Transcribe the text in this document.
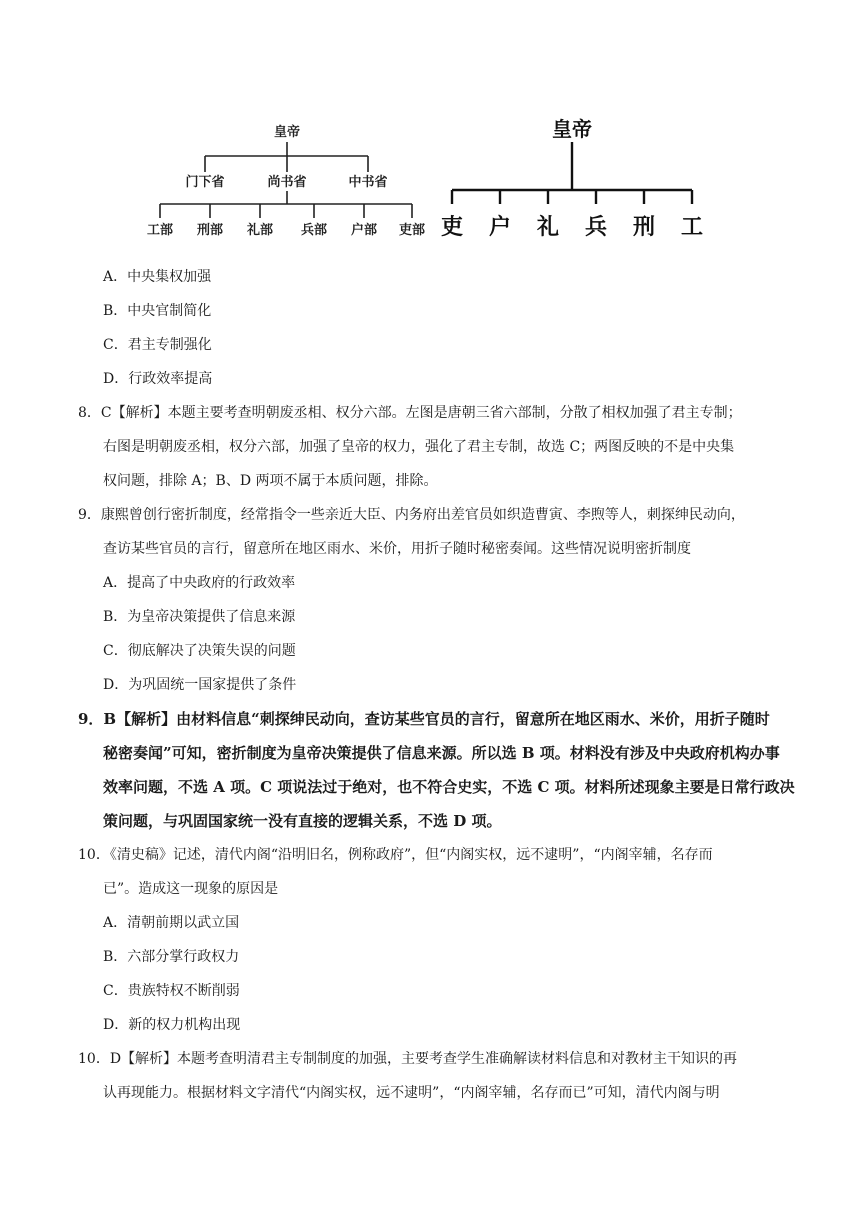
皇帝
门下省	尚书省	中书省
工部 刑部 礼部 兵部 户部 吏部
皇帝
吏 户 礼 兵 刑 工
A．中央集权加强
B．中央官制简化
C．君主专制强化
D．行政效率提高
8．C【解析】本题主要考查明朝废丞相、权分六部。左图是唐朝三省六部制，分散了相权加强了君主专制；
右图是明朝废丞相，权分六部，加强了皇帝的权力，强化了君主专制，故选 C；两图反映的不是中央集
权问题，排除 A；B、D 两项不属于本质问题，排除。
9．康熙曾创行密折制度，经常指令一些亲近大臣、内务府出差官员如织造曹寅、李煦等人，刺探绅民动向，
查访某些官员的言行，留意所在地区雨水、米价，用折子随时秘密奏闻。这些情况说明密折制度
A．提高了中央政府的行政效率
B．为皇帝决策提供了信息来源
C．彻底解决了决策失误的问题
D．为巩固统一国家提供了条件
9．B【解析】由材料信息“刺探绅民动向，查访某些官员的言行，留意所在地区雨水、米价，用折子随时
秘密奏闻”可知，密折制度为皇帝决策提供了信息来源。所以选 B 项。材料没有涉及中央政府机构办事
效率问题，不选 A 项。C 项说法过于绝对，也不符合史实，不选 C 项。材料所述现象主要是日常行政决
策问题，与巩固国家统一没有直接的逻辑关系，不选 D 项。
10．《清史稿》记述，清代内阁“沿明旧名，例称政府”，但“内阁实权，远不逮明”，“内阁宰辅，名存而
已”。造成这一现象的原因是
A．清朝前期以武立国
B．六部分掌行政权力
C．贵族特权不断削弱
D．新的权力机构出现
10．D【解析】本题考查明清君主专制制度的加强，主要考查学生准确解读材料信息和对教材主干知识的再
认再现能力。根据材料文字清代“内阁实权，远不逮明”，“内阁宰辅，名存而已”可知，清代内阁与明
